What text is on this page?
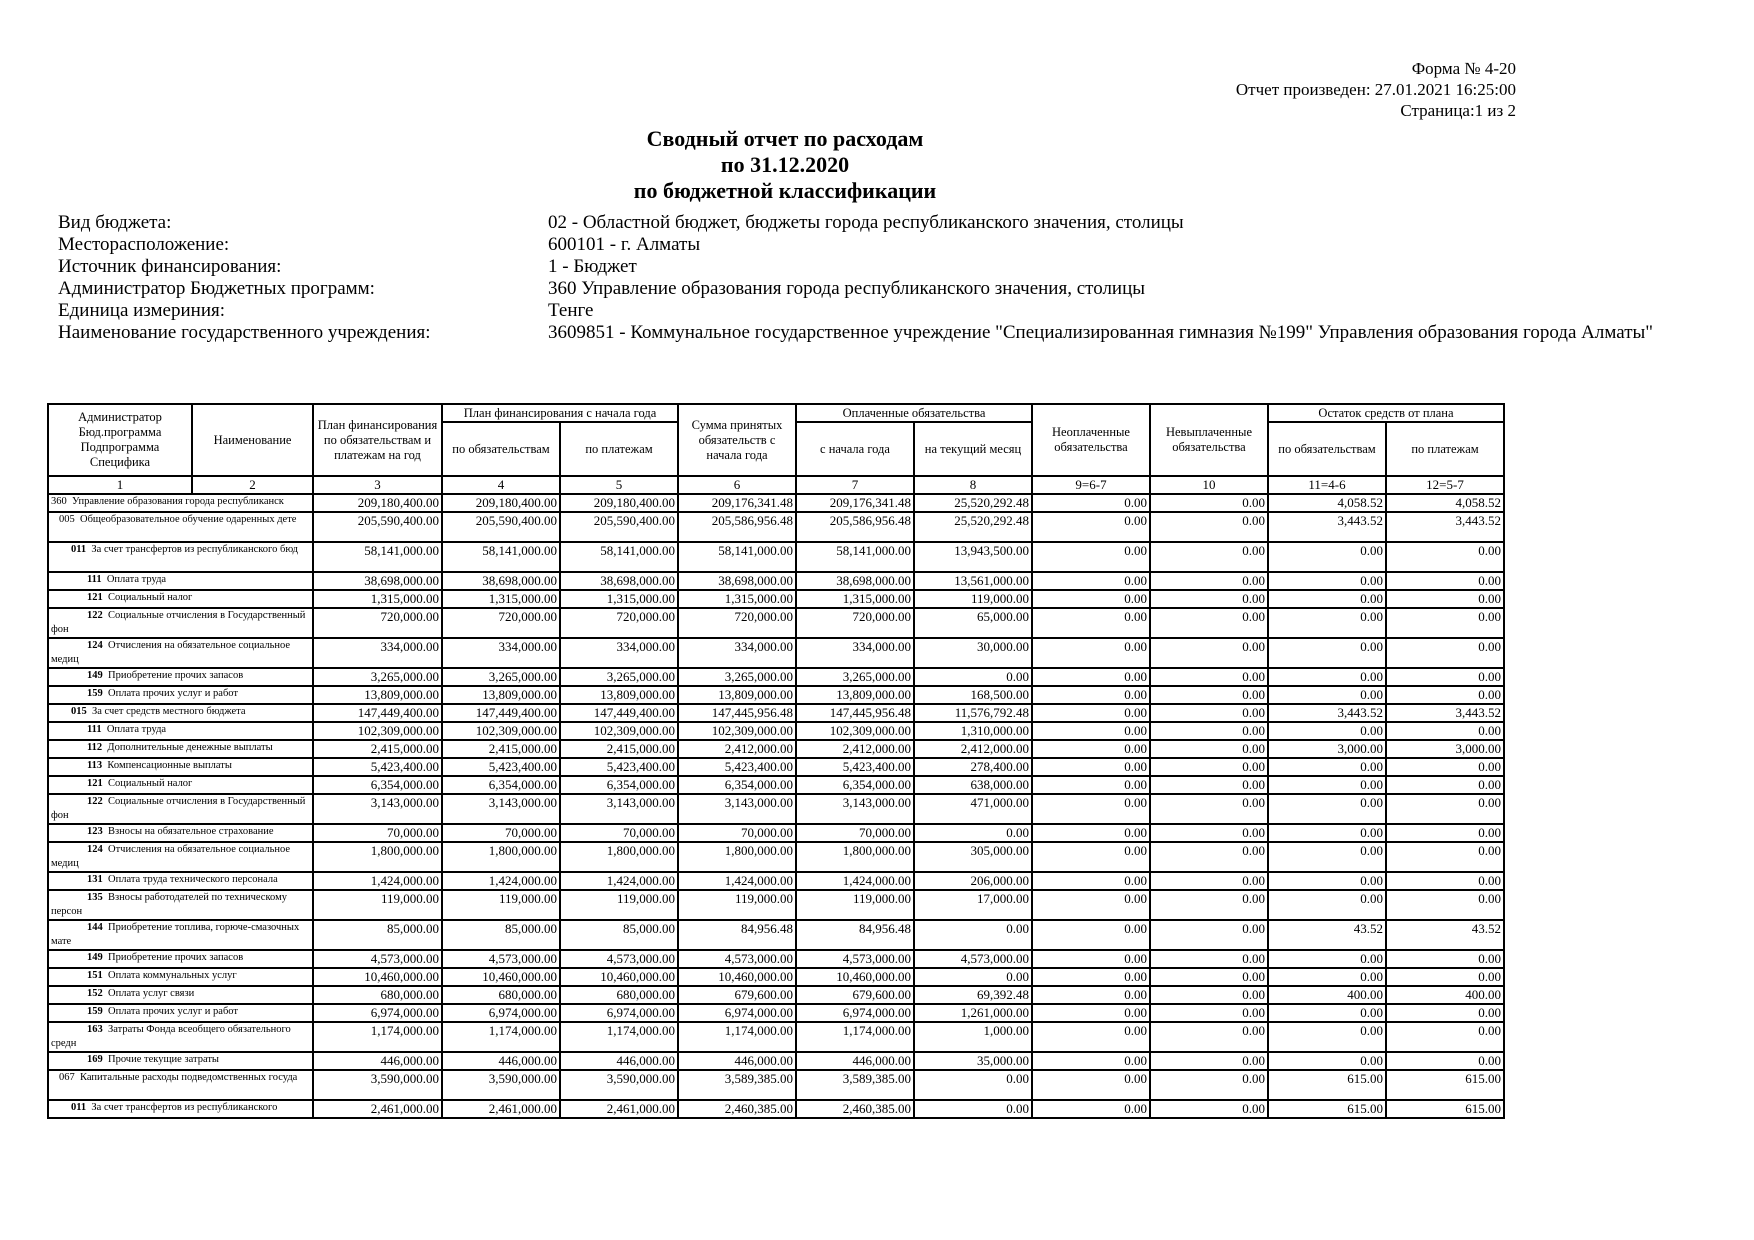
Форма № 4-20
Отчет произведен: 27.01.2021 16:25:00
Страница:1 из 2
Сводный отчет по расходам
по 31.12.2020
по бюджетной классификации
Вид бюджета:	02 - Областной бюджет, бюджеты города республиканского значения, столицы
Месторасположение:	600101 - г. Алматы
Источник финансирования:	1 - Бюджет
Администратор Бюджетных программ:	360 Управление образования города республиканского значения, столицы
Единица измериния:	Тенге
Наименование государственного учреждения:	3609851 - Коммунальное государственное учреждение "Специализированная гимназия №199" Управления образования города Алматы"
Администратор Бюд.программа Подпрограмма Специфика	Наименование	План финансирования по обязательствам и платежам на год	План финансирования с начала года		Сумма принятых обязательств с начала года	Оплаченные обязательства		Неоплаченные обязательства	Невыплаченные обязательства	Остаток средств от плана	
			по обязательствам	по платежам		с начала года	на текущий месяц			по обязательствам	по платежам
1	2	3	4	5	6	7	8	9=6-7	10	11=4-6	12=5-7
360 Управление образования города республиканск		209,180,400.00	209,180,400.00	209,180,400.00	209,176,341.48	209,176,341.48	25,520,292.48	0.00	0.00	4,058.52	4,058.52
005 Общеобразовательное обучение одаренных дете		205,590,400.00	205,590,400.00	205,590,400.00	205,586,956.48	205,586,956.48	25,520,292.48	0.00	0.00	3,443.52	3,443.52
011 За счет трансфертов из республиканского бюд		58,141,000.00	58,141,000.00	58,141,000.00	58,141,000.00	58,141,000.00	13,943,500.00	0.00	0.00	0.00	0.00
111 Оплата труда		38,698,000.00	38,698,000.00	38,698,000.00	38,698,000.00	38,698,000.00	13,561,000.00	0.00	0.00	0.00	0.00
121 Социальный налог		1,315,000.00	1,315,000.00	1,315,000.00	1,315,000.00	1,315,000.00	119,000.00	0.00	0.00	0.00	0.00
122 Социальные отчисления в Государственный фон		720,000.00	720,000.00	720,000.00	720,000.00	720,000.00	65,000.00	0.00	0.00	0.00	0.00
124 Отчисления на обязательное социальное медиц		334,000.00	334,000.00	334,000.00	334,000.00	334,000.00	30,000.00	0.00	0.00	0.00	0.00
149 Приобретение прочих запасов		3,265,000.00	3,265,000.00	3,265,000.00	3,265,000.00	3,265,000.00	0.00	0.00	0.00	0.00	0.00
159 Оплата прочих услуг и работ		13,809,000.00	13,809,000.00	13,809,000.00	13,809,000.00	13,809,000.00	168,500.00	0.00	0.00	0.00	0.00
015 За счет средств местного бюджета		147,449,400.00	147,449,400.00	147,449,400.00	147,445,956.48	147,445,956.48	11,576,792.48	0.00	0.00	3,443.52	3,443.52
111 Оплата труда		102,309,000.00	102,309,000.00	102,309,000.00	102,309,000.00	102,309,000.00	1,310,000.00	0.00	0.00	0.00	0.00
112 Дополнительные денежные выплаты		2,415,000.00	2,415,000.00	2,415,000.00	2,412,000.00	2,412,000.00	2,412,000.00	0.00	0.00	3,000.00	3,000.00
113 Компенсационные выплаты		5,423,400.00	5,423,400.00	5,423,400.00	5,423,400.00	5,423,400.00	278,400.00	0.00	0.00	0.00	0.00
121 Социальный налог		6,354,000.00	6,354,000.00	6,354,000.00	6,354,000.00	6,354,000.00	638,000.00	0.00	0.00	0.00	0.00
122 Социальные отчисления в Государственный фон		3,143,000.00	3,143,000.00	3,143,000.00	3,143,000.00	3,143,000.00	471,000.00	0.00	0.00	0.00	0.00
123 Взносы на обязательное страхование		70,000.00	70,000.00	70,000.00	70,000.00	70,000.00	0.00	0.00	0.00	0.00	0.00
124 Отчисления на обязательное социальное медиц		1,800,000.00	1,800,000.00	1,800,000.00	1,800,000.00	1,800,000.00	305,000.00	0.00	0.00	0.00	0.00
131 Оплата труда технического персонала		1,424,000.00	1,424,000.00	1,424,000.00	1,424,000.00	1,424,000.00	206,000.00	0.00	0.00	0.00	0.00
135 Взносы работодателей по техническому персон		119,000.00	119,000.00	119,000.00	119,000.00	119,000.00	17,000.00	0.00	0.00	0.00	0.00
144 Приобретение топлива, горюче-смазочных мате		85,000.00	85,000.00	85,000.00	84,956.48	84,956.48	0.00	0.00	0.00	43.52	43.52
149 Приобретение прочих запасов		4,573,000.00	4,573,000.00	4,573,000.00	4,573,000.00	4,573,000.00	4,573,000.00	0.00	0.00	0.00	0.00
151 Оплата коммунальных услуг		10,460,000.00	10,460,000.00	10,460,000.00	10,460,000.00	10,460,000.00	0.00	0.00	0.00	0.00	0.00
152 Оплата услуг связи		680,000.00	680,000.00	680,000.00	679,600.00	679,600.00	69,392.48	0.00	0.00	400.00	400.00
159 Оплата прочих услуг и работ		6,974,000.00	6,974,000.00	6,974,000.00	6,974,000.00	6,974,000.00	1,261,000.00	0.00	0.00	0.00	0.00
163 Затраты Фонда всеобщего обязательного средн		1,174,000.00	1,174,000.00	1,174,000.00	1,174,000.00	1,174,000.00	1,000.00	0.00	0.00	0.00	0.00
169 Прочие текущие затраты		446,000.00	446,000.00	446,000.00	446,000.00	446,000.00	35,000.00	0.00	0.00	0.00	0.00
067 Капитальные расходы подведомственных госуда		3,590,000.00	3,590,000.00	3,590,000.00	3,589,385.00	3,589,385.00	0.00	0.00	0.00	615.00	615.00
011 За счет трансфертов из республиканского		2,461,000.00	2,461,000.00	2,461,000.00	2,460,385.00	2,460,385.00	0.00	0.00	0.00	615.00	615.00
